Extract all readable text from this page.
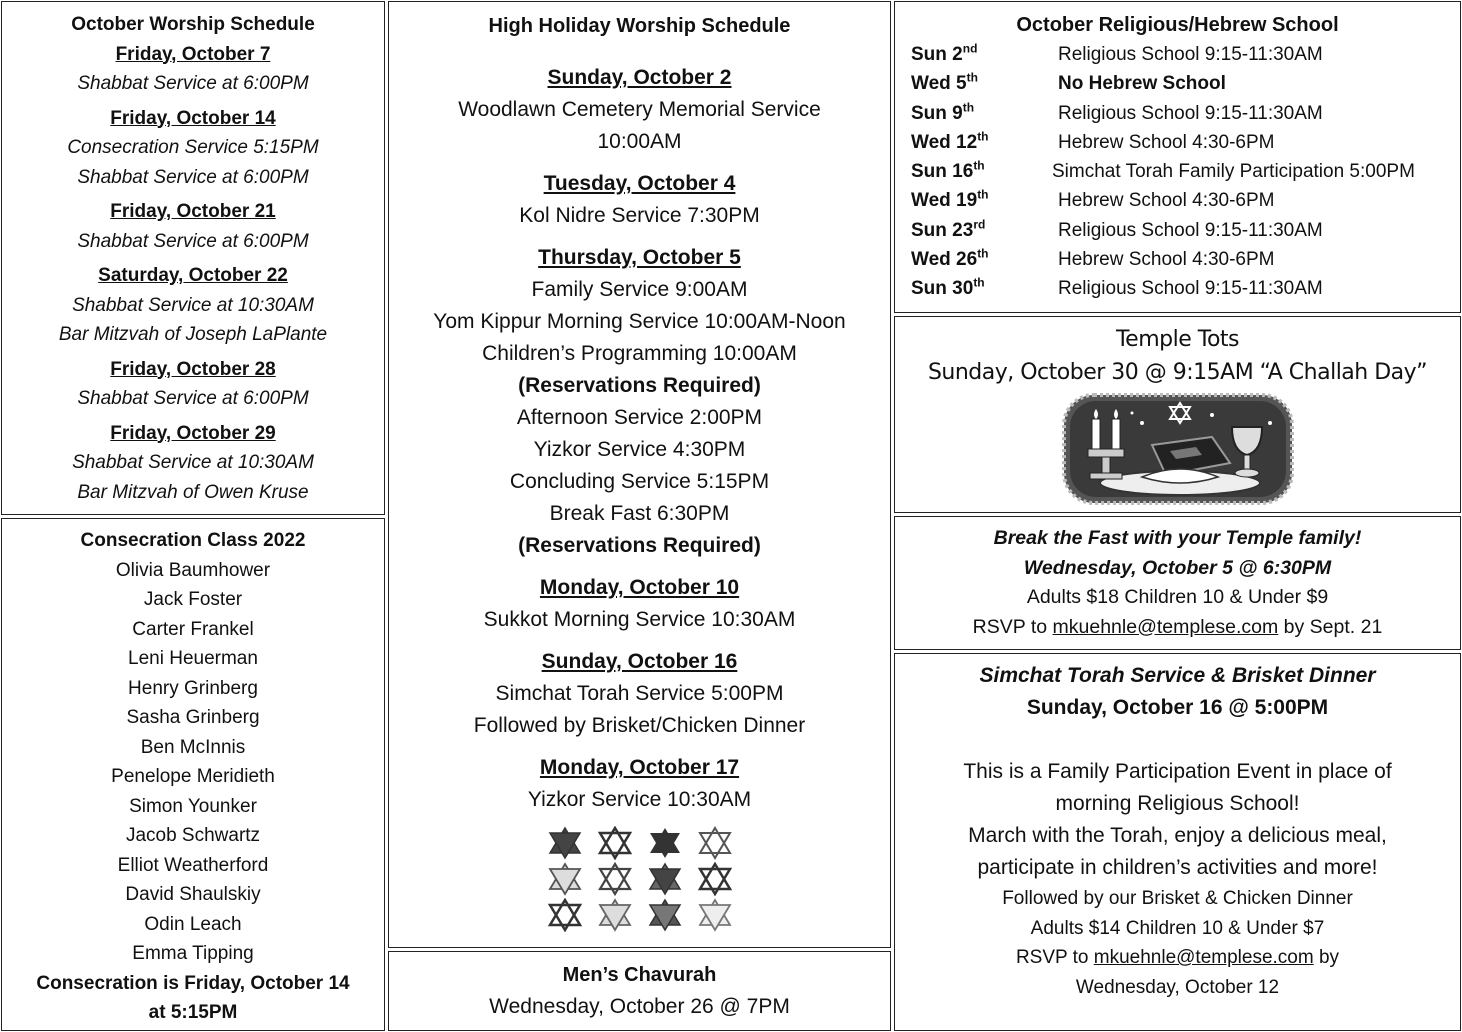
October Worship Schedule
Friday, October 7
Shabbat Service at 6:00PM
Friday, October 14
Consecration Service 5:15PM
Shabbat Service at 6:00PM
Friday, October 21
Shabbat Service at 6:00PM
Saturday, October 22
Shabbat Service at 10:30AM
Bar Mitzvah of Joseph LaPlante
Friday, October 28
Shabbat Service at 6:00PM
Friday, October 29
Shabbat Service at 10:30AM
Bar Mitzvah of Owen Kruse
Consecration Class 2022
Olivia Baumhower
Jack Foster
Carter Frankel
Leni Heuerman
Henry Grinberg
Sasha Grinberg
Ben McInnis
Penelope Meridieth
Simon Younker
Jacob Schwartz
Elliot Weatherford
David Shaulskiy
Odin Leach
Emma Tipping
Consecration is Friday, October 14
at 5:15PM
High Holiday Worship Schedule
Sunday, October 2
Woodlawn Cemetery Memorial Service
10:00AM
Tuesday, October 4
Kol Nidre Service 7:30PM
Thursday, October 5
Family Service 9:00AM
Yom Kippur Morning Service 10:00AM-Noon
Children’s Programming 10:00AM
(Reservations Required)
Afternoon Service 2:00PM
Yizkor Service 4:30PM
Concluding Service 5:15PM
Break Fast 6:30PM
(Reservations Required)
Monday, October 10
Sukkot Morning Service 10:30AM
Sunday, October 16
Simchat Torah Service 5:00PM
Followed by Brisket/Chicken Dinner
Monday, October 17
Yizkor Service 10:30AM
Men’s Chavurah
Wednesday, October 26 @ 7PM
October Religious/Hebrew School
Sun 2nd	Religious School 9:15-11:30AM
Wed 5th	No Hebrew School
Sun 9th	Religious School 9:15-11:30AM
Wed 12th	Hebrew School 4:30-6PM
Sun 16th	Simchat Torah Family Participation 5:00PM
Wed 19th	Hebrew School 4:30-6PM
Sun 23rd	Religious School 9:15-11:30AM
Wed 26th	Hebrew School 4:30-6PM
Sun 30th	Religious School 9:15-11:30AM
Temple Tots
Sunday, October 30 @ 9:15AM “A Challah Day”
Break the Fast with your Temple family!
Wednesday, October 5 @ 6:30PM
Adults $18 Children 10 & Under $9
RSVP to mkuehnle@templese.com by Sept. 21
Simchat Torah Service & Brisket Dinner
Sunday, October 16 @ 5:00PM
This is a Family Participation Event in place of
morning Religious School!
March with the Torah, enjoy a delicious meal,
participate in children’s activities and more!
Followed by our Brisket & Chicken Dinner
Adults $14 Children 10 & Under $7
RSVP to mkuehnle@templese.com by
Wednesday, October 12
